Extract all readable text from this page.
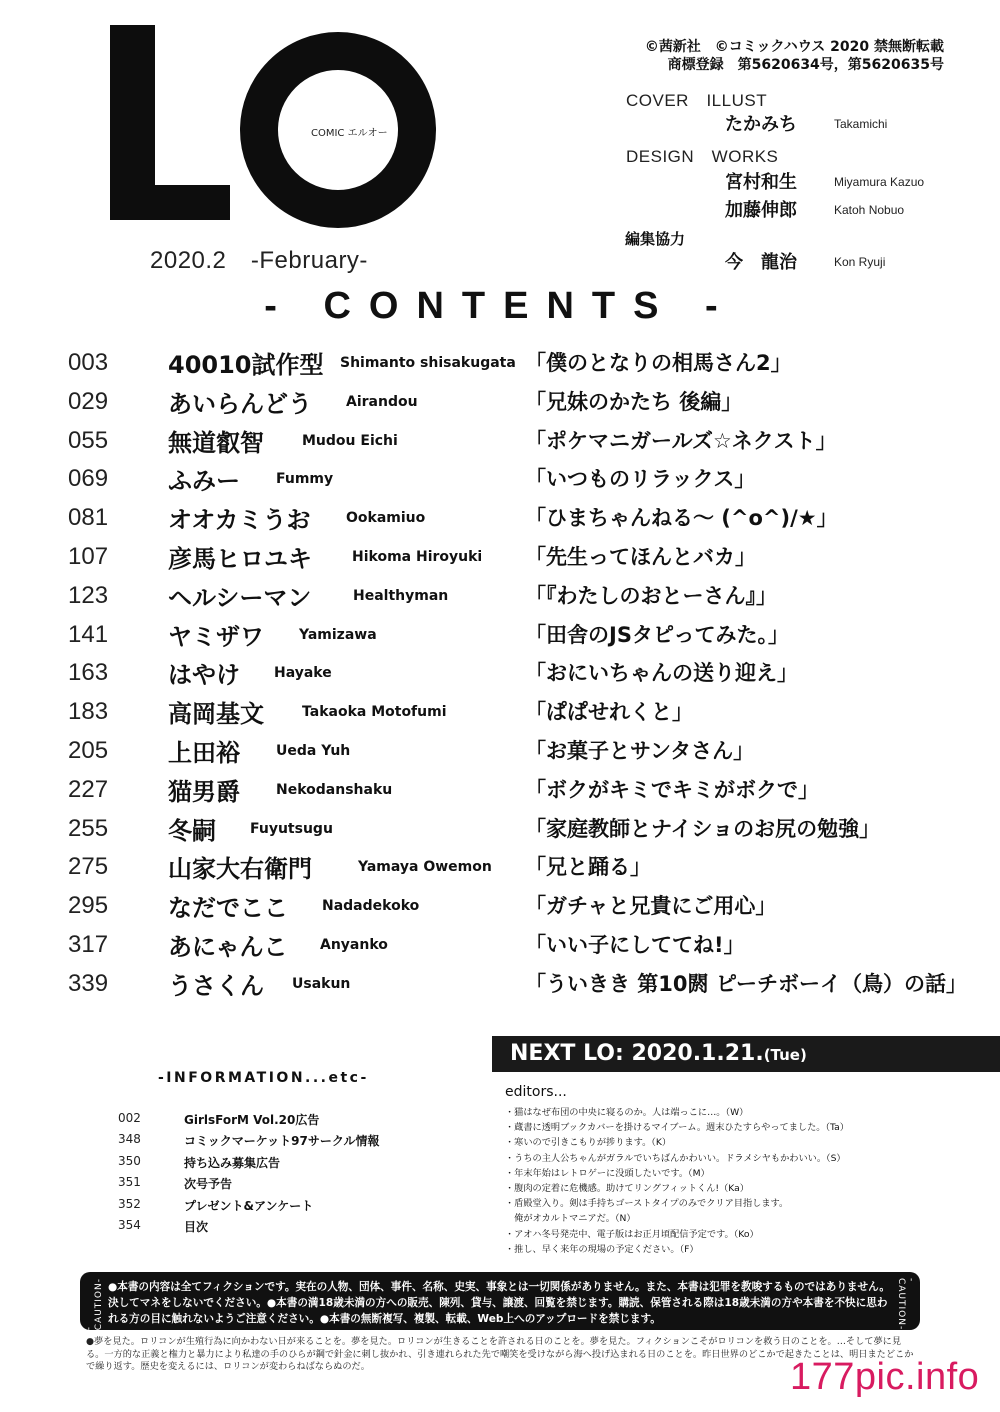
COMIC エルオー
2020.2　-February-
©茜新社　©コミックハウス 2020 禁無断転載
商標登録　第5620634号，第5620635号
COVER　ILLUST
たかみち	Takamichi
DESIGN　WORKS
宮村和生	Miyamura Kazuo
加藤伸郎	Katoh Nobuo
編集協力
今　龍治	Kon Ryuji
- CONTENTS -
003 40010試作型 Shimanto shisakugata 「僕のとなりの相馬さん2」
029 あいらんどう Airandou	「兄妹のかたち 後編」
055 無道叡智	Mudou Eichi	「ポケマニガールズ☆ネクスト」
069 ふみー	Fummy	「いつものリラックス」
081 オオカミうお	Ookamiuo	「ひまちゃんねる～ (^o^)/★」
107 彦馬ヒロユキ	Hikoma Hiroyuki 「先生ってほんとバカ」
123 ヘルシーマン	Healthyman	「『わたしのおとーさん』」
141 ヤミザワ	Yamizawa	「田舎のJSタピってみた。」
163 はやけ Hayake	「おにいちゃんの送り迎え」
183 高岡基文	Takaoka Motofumi	「ぱぱせれくと」
205 上田裕	Ueda Yuh	「お菓子とサンタさん」
227 猫男爵	Nekodanshaku	「ボクがキミでキミがボクで」
255 冬嗣 Fuyutsugu	「家庭教師とナイショのお尻の勉強」
275 山家大右衛門	Yamaya Owemon 「兄と踊る」
295 なだでここ Nadadekoko	「ガチャと兄貴にご用心」
317 あにゃんこ Anyanko	「いい子にしててね!」
339 うさくん Usakun	「ういきき 第10閼 ピーチボーイ（鳥）の話」
-INFORMATION...etc-
002	GirlsForM Vol.20広告
348	コミックマーケット97サークル情報
350	持ち込み募集広告
351	次号予告
352	プレゼント&アンケート
354	目次
NEXT LO: 2020.1.21.(Tue)
editors...
・猫はなぜ布団の中央に寝るのか。人は端っこに…。（W）
・蔵書に透明ブックカバーを掛けるマイブーム。週末ひたすらやってました。（Ta）
・寒いので引きこもりが捗ります。（K）
・うちの主人公ちゃんがガラルでいちばんかわいい。ドラメシヤもかわいい。（S）
・年末年始はレトロゲーに没頭したいです。（M）
・腹肉の定着に危機感。助けてリングフィットくん!（Ka）
・盾殿堂入り。剣は手持ちゴーストタイプのみでクリア目指します。
　俺がオカルトマニアだ。（N）
・アオハ冬号発売中、電子版はお正月頃配信予定です。（Ko）
・推し、早く来年の現場の予定ください。（F）
-CAUTION- ●本書の内容は全てフィクションです。実在の人物、団体、事件、名称、史実、事象とは一切関係がありません。また、本書は犯罪を教唆するものではありません。決してマネをしないでください。●本書の満18歳未満の方への販売、陳列、貸与、譲渡、回覧を禁じます。購読、保管される際は18歳未満の方や本書を不快に思われる方の目に触れないようご注意ください。●本書の無断複写、複製、転載、Web上へのアップロードを禁じます。
-CAUTION-
●夢を見た。ロリコンが生殖行為に向かわない日が来ることを。夢を見た。ロリコンが生きることを許される日のことを。夢を見た。フィクションこそがロリコンを救う日のことを。…そして夢に見る。一方的な正義と権力と暴力により私達の手のひらが鋼で針金に刺し抜かれ、引き連れられた先で嘲笑を受けながら海へ投げ込まれる日のことを。昨日世界のどこかで起きたことは、明日またどこかで繰り返す。歴史を変えるには、ロリコンが変わらねばならぬのだ。	177pic.info
